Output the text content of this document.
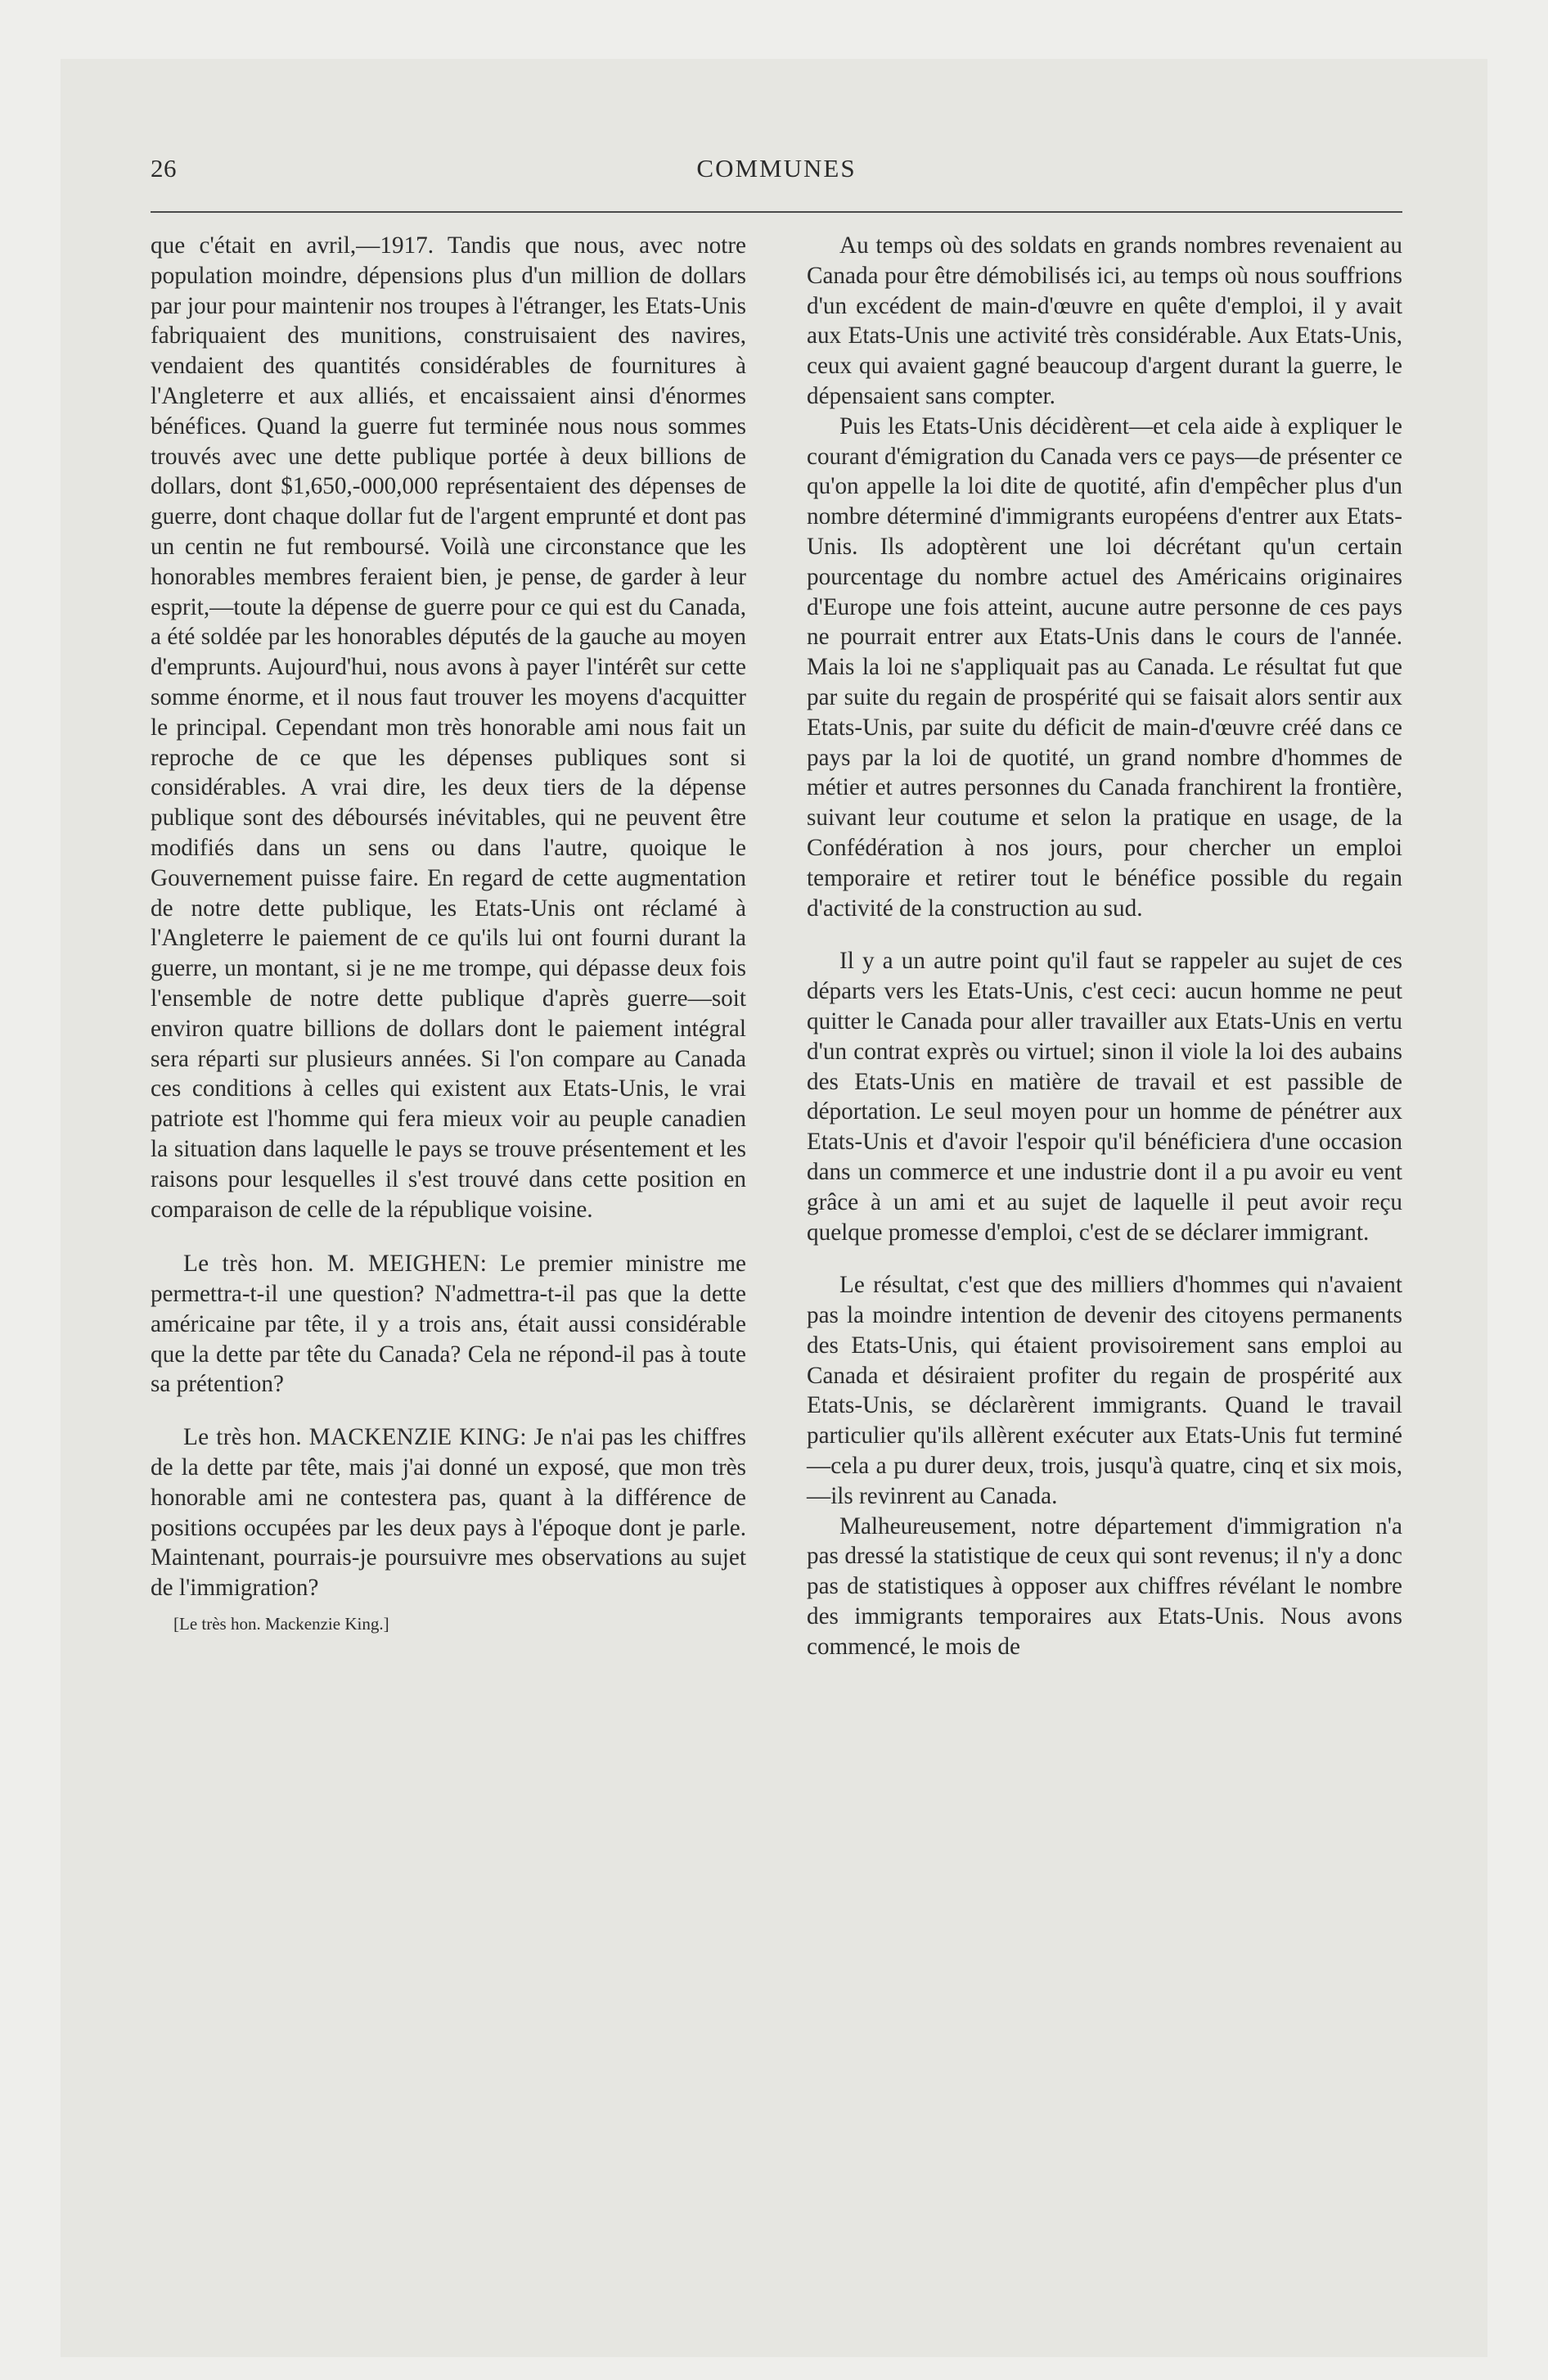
26	COMMUNES

que c'était en avril,—1917. Tandis que nous, avec notre population moindre, dépensions plus d'un million de dollars par jour pour maintenir nos troupes à l'étranger, les Etats-Unis fabriquaient des munitions, construisaient des navires, vendaient des quantités considérables de fournitures à l'Angleterre et aux alliés, et encaissaient ainsi d'énormes bénéfices. Quand la guerre fut terminée nous nous sommes trouvés avec une dette publique portée à deux billions de dollars, dont $1,650,-000,000 représentaient des dépenses de guerre, dont chaque dollar fut de l'argent emprunté et dont pas un centin ne fut remboursé. Voilà une circonstance que les honorables membres feraient bien, je pense, de garder à leur esprit,—toute la dépense de guerre pour ce qui est du Canada, a été soldée par les honorables députés de la gauche au moyen d'emprunts. Aujourd'hui, nous avons à payer l'intérêt sur cette somme énorme, et il nous faut trouver les moyens d'acquitter le principal. Cependant mon très honorable ami nous fait un reproche de ce que les dépenses publiques sont si considérables. A vrai dire, les deux tiers de la dépense publique sont des déboursés inévitables, qui ne peuvent être modifiés dans un sens ou dans l'autre, quoique le Gouvernement puisse faire. En regard de cette augmentation de notre dette publique, les Etats-Unis ont réclamé à l'Angleterre le paiement de ce qu'ils lui ont fourni durant la guerre, un montant, si je ne me trompe, qui dépasse deux fois l'ensemble de notre dette publique d'après guerre—soit environ quatre billions de dollars dont le paiement intégral sera réparti sur plusieurs années. Si l'on compare au Canada ces conditions à celles qui existent aux Etats-Unis, le vrai patriote est l'homme qui fera mieux voir au peuple canadien la situation dans laquelle le pays se trouve présentement et les raisons pour lesquelles il s'est trouvé dans cette position en comparaison de celle de la république voisine.

Le très hon. M. MEIGHEN: Le premier ministre me permettra-t-il une question? N'admettra-t-il pas que la dette américaine par tête, il y a trois ans, était aussi considérable que la dette par tête du Canada? Cela ne répond-il pas à toute sa prétention?

Le très hon. MACKENZIE KING: Je n'ai pas les chiffres de la dette par tête, mais j'ai donné un exposé, que mon très honorable ami ne contestera pas, quant à la différence de positions occupées par les deux pays à l'époque dont je parle. Maintenant, pourrais-je poursuivre mes observations au sujet de l'immigration?

[Le très hon. Mackenzie King.]

Au temps où des soldats en grands nombres revenaient au Canada pour être démobilisés ici, au temps où nous souffrions d'un excédent de main-d'œuvre en quête d'emploi, il y avait aux Etats-Unis une activité très considérable. Aux Etats-Unis, ceux qui avaient gagné beaucoup d'argent durant la guerre, le dépensaient sans compter.

Puis les Etats-Unis décidèrent—et cela aide à expliquer le courant d'émigration du Canada vers ce pays—de présenter ce qu'on appelle la loi dite de quotité, afin d'empêcher plus d'un nombre déterminé d'immigrants européens d'entrer aux Etats-Unis. Ils adoptèrent une loi décrétant qu'un certain pourcentage du nombre actuel des Américains originaires d'Europe une fois atteint, aucune autre personne de ces pays ne pourrait entrer aux Etats-Unis dans le cours de l'année. Mais la loi ne s'appliquait pas au Canada. Le résultat fut que par suite du regain de prospérité qui se faisait alors sentir aux Etats-Unis, par suite du déficit de main-d'œuvre créé dans ce pays par la loi de quotité, un grand nombre d'hommes de métier et autres personnes du Canada franchirent la frontière, suivant leur coutume et selon la pratique en usage, de la Confédération à nos jours, pour chercher un emploi temporaire et retirer tout le bénéfice possible du regain d'activité de la construction au sud.

Il y a un autre point qu'il faut se rappeler au sujet de ces départs vers les Etats-Unis, c'est ceci: aucun homme ne peut quitter le Canada pour aller travailler aux Etats-Unis en vertu d'un contrat exprès ou virtuel; sinon il viole la loi des aubains des Etats-Unis en matière de travail et est passible de déportation. Le seul moyen pour un homme de pénétrer aux Etats-Unis et d'avoir l'espoir qu'il bénéficiera d'une occasion dans un commerce et une industrie dont il a pu avoir eu vent grâce à un ami et au sujet de laquelle il peut avoir reçu quelque promesse d'emploi, c'est de se déclarer immigrant.

Le résultat, c'est que des milliers d'hommes qui n'avaient pas la moindre intention de devenir des citoyens permanents des Etats-Unis, qui étaient provisoirement sans emploi au Canada et désiraient profiter du regain de prospérité aux Etats-Unis, se déclarèrent immigrants. Quand le travail particulier qu'ils allèrent exécuter aux Etats-Unis fut terminé —cela a pu durer deux, trois, jusqu'à quatre, cinq et six mois,—ils revinrent au Canada.

Malheureusement, notre département d'immigration n'a pas dressé la statistique de ceux qui sont revenus; il n'y a donc pas de statistiques à opposer aux chiffres révélant le nombre des immigrants temporaires aux Etats-Unis. Nous avons commencé, le mois de
